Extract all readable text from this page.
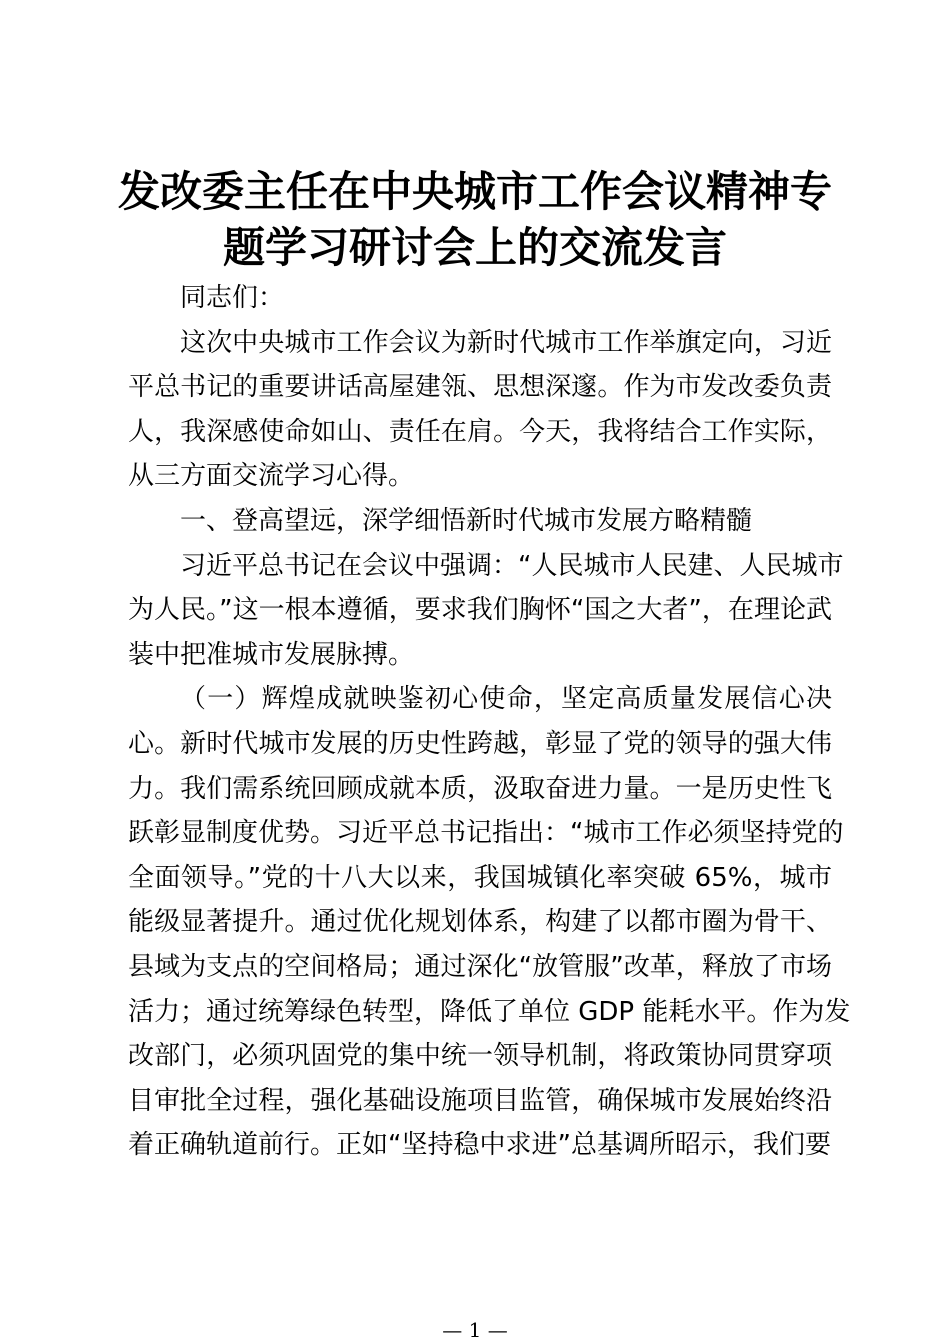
发改委主任在中央城市工作会议精神专
题学习研讨会上的交流发言
同志们：
这次中央城市工作会议为新时代城市工作举旗定向，习近
平总书记的重要讲话高屋建瓴、思想深邃。作为市发改委负责
人，我深感使命如山、责任在肩。今天，我将结合工作实际，
从三方面交流学习心得。
一、登高望远，深学细悟新时代城市发展方略精髓
习近平总书记在会议中强调：“人民城市人民建、人民城市
为人民。”这一根本遵循，要求我们胸怀“国之大者”，在理论武
装中把准城市发展脉搏。
（一）辉煌成就映鉴初心使命，坚定高质量发展信心决
心。新时代城市发展的历史性跨越，彰显了党的领导的强大伟
力。我们需系统回顾成就本质，汲取奋进力量。一是历史性飞
跃彰显制度优势。习近平总书记指出：“城市工作必须坚持党的
全面领导。”党的十八大以来，我国城镇化率突破 65%，城市
能级显著提升。通过优化规划体系，构建了以都市圈为骨干、
县域为支点的空间格局；通过深化“放管服”改革，释放了市场
活力；通过统筹绿色转型，降低了单位 GDP 能耗水平。作为发
改部门，必须巩固党的集中统一领导机制，将政策协同贯穿项
目审批全过程，强化基础设施项目监管，确保城市发展始终沿
着正确轨道前行。正如“坚持稳中求进”总基调所昭示，我们要
— 1 —
